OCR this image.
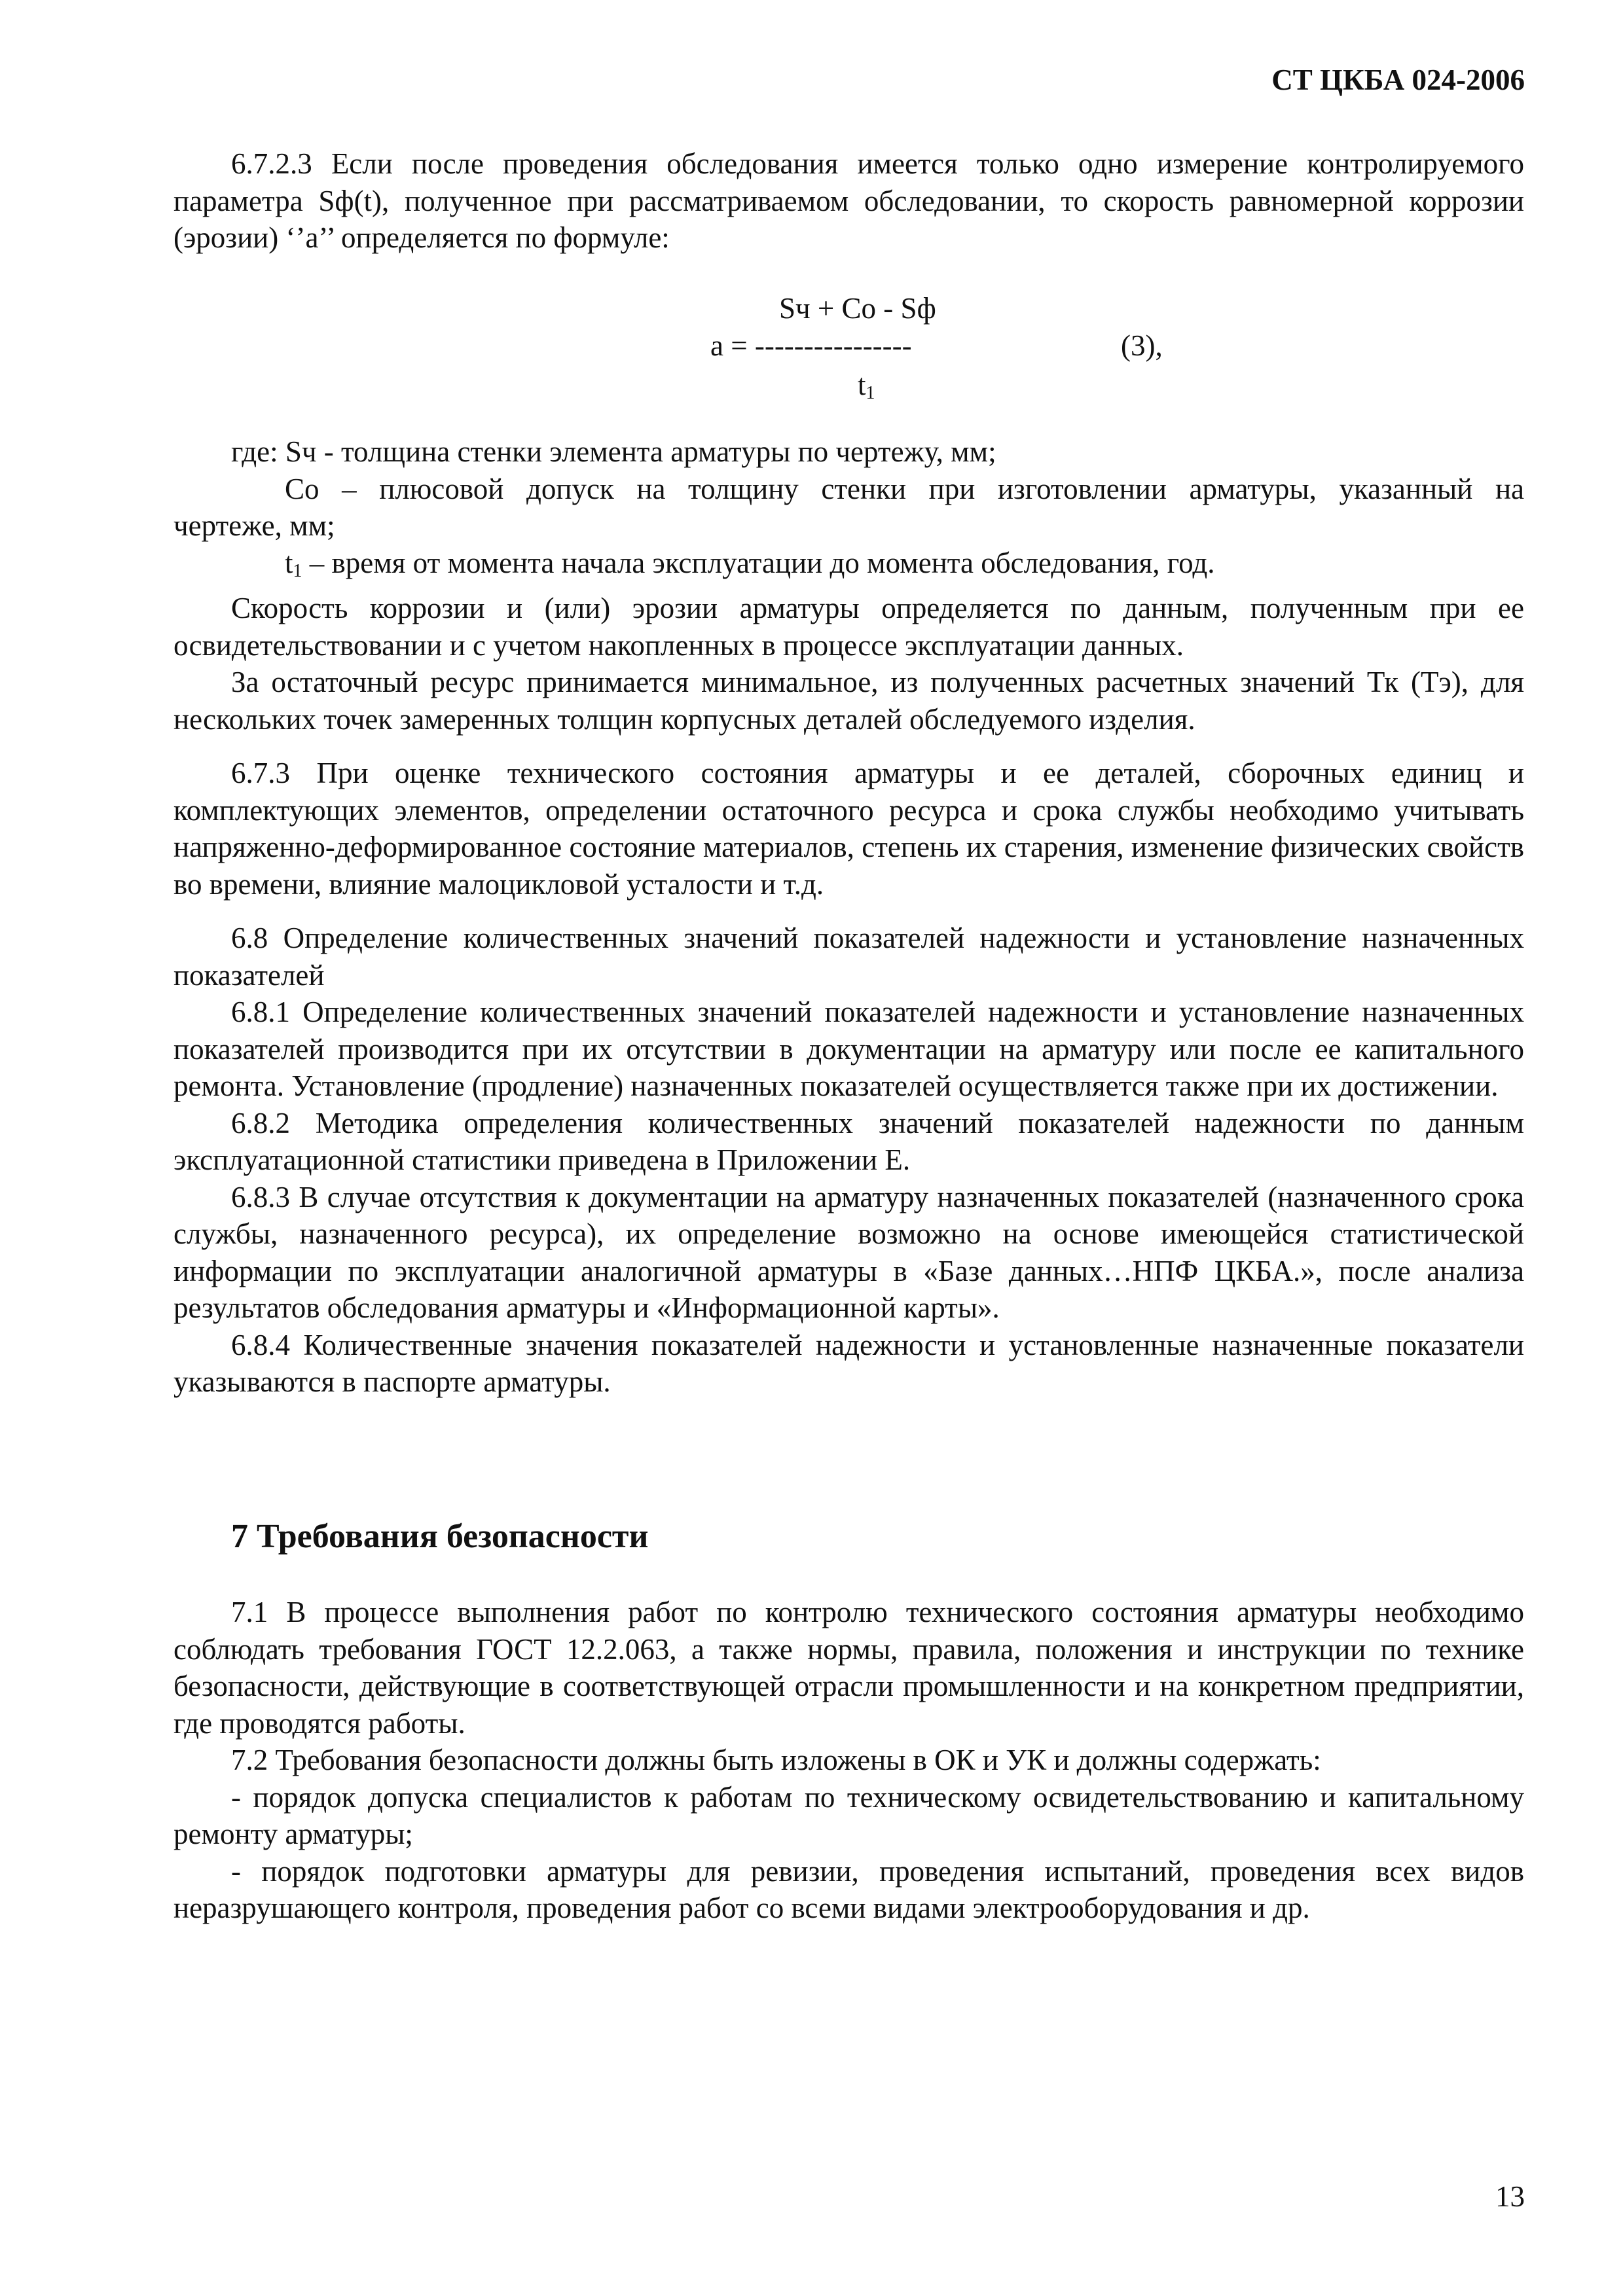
СТ ЦКБА 024-2006

6.7.2.3 Если после проведения обследования имеется только одно измерение контролируемого параметра Sф(t), полученное при рассматриваемом обследовании, то скорость равномерной коррозии (эрозии) ‘’a’’ определяется по формуле:

Sч + Co - Sф
a = ----------------	(3),
$t_1$

где: Sч - толщина стенки элемента арматуры по чертежу, мм;

Co – плюсовой допуск на толщину стенки при изготовлении арматуры, указанный на

чертеже, мм;

$t_1$ – время от момента начала эксплуатации до момента обследования, год.

Скорость коррозии и (или) эрозии арматуры определяется по данным, полученным при ее освидетельствовании и с учетом накопленных в процессе эксплуатации данных.

За остаточный ресурс принимается минимальное, из полученных расчетных значений Тк (Тэ), для нескольких точек замеренных толщин корпусных деталей обследуемого изделия.

6.7.3 При оценке технического состояния арматуры и ее деталей, сборочных единиц и комплектующих элементов, определении остаточного ресурса и срока службы необходимо учитывать напряженно-деформированное состояние материалов, степень их старения, изменение физических свойств во времени, влияние малоцикловой усталости и т.д.

6.8 Определение количественных значений показателей надежности и установление назначенных показателей

6.8.1 Определение количественных значений показателей надежности и установление назначенных показателей производится при их отсутствии в документации на арматуру или после ее капитального ремонта. Установление (продление) назначенных показателей осуществляется также при их достижении.

6.8.2 Методика определения количественных значений показателей надежности по данным эксплуатационной статистики приведена в Приложении Е.

6.8.3 В случае отсутствия к документации на арматуру назначенных показателей (назначенного срока службы, назначенного ресурса), их определение возможно на основе имеющейся статистической информации по эксплуатации аналогичной арматуры в «Базе данных…НПФ ЦКБА.», после анализа результатов обследования арматуры и «Информационной карты».

6.8.4 Количественные значения показателей надежности и установленные назначенные показатели указываются в паспорте арматуры.

7 Требования безопасности

7.1 В процессе выполнения работ по контролю технического состояния арматуры необходимо соблюдать требования ГОСТ 12.2.063, а также нормы, правила, положения и инструкции по технике безопасности, действующие в соответствующей отрасли промышленности и на конкретном предприятии, где проводятся работы.

7.2 Требования безопасности должны быть изложены в ОК и УК и должны содержать:

- порядок допуска специалистов к работам по техническому освидетельствованию и капитальному ремонту арматуры;

- порядок подготовки арматуры для ревизии, проведения испытаний, проведения всех видов неразрушающего контроля, проведения работ со всеми видами электрооборудования и др.

13
